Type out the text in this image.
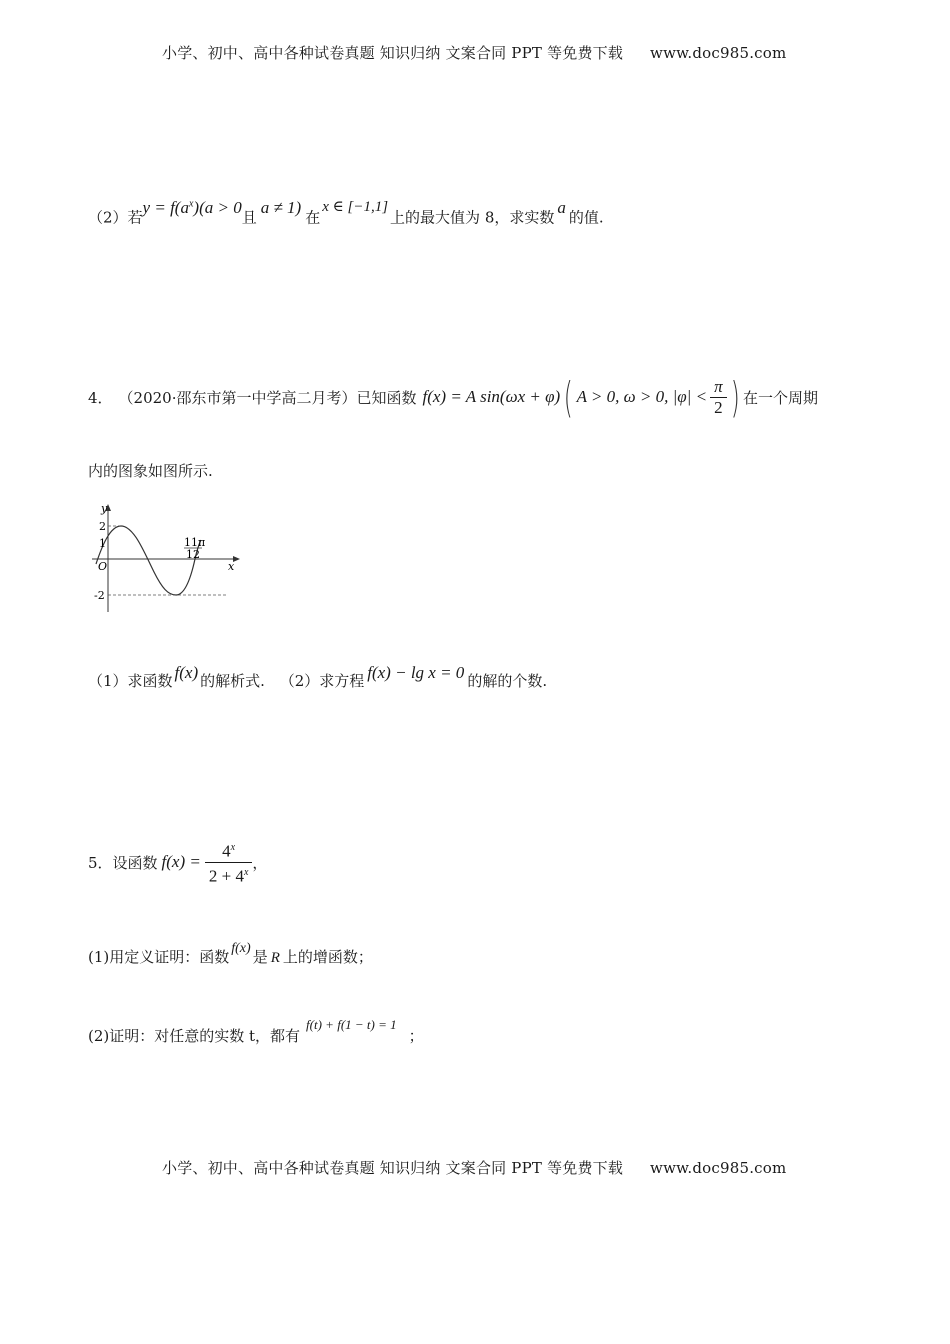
小学、初中、高中各种试卷真题 知识归纳 文案合同 PPT 等免费下载 www.doc985.com
（2）若$y = f(a^x)(a > 0$且a ≠ 1)在x ∈ [−1,1]上的最大值为 8，求实数a的值.
4． （2020·邵东市第一中学高二月考）已知函数 f(x) = A sin(ωx + φ) ( A > 0, ω > 0, $|\varphi| < \frac{\pi}{2}$ ) 在一个周期
内的图象如图所示.
y
x
O
2
1
-2
11π
12
（1）求函数 f(x) 的解析式. （2）求方程 f(x) − lg x = 0 的解的个数.
5．设函数 $f(x) = \frac{4^x}{2 + 4^x}$ ，
(1)用定义证明：函数 f(x) 是 R 上的增函数；
(2)证明：对任意的实数 t，都有f(t) + f(1 − t) = 1；
小学、初中、高中各种试卷真题 知识归纳 文案合同 PPT 等免费下载 www.doc985.com
